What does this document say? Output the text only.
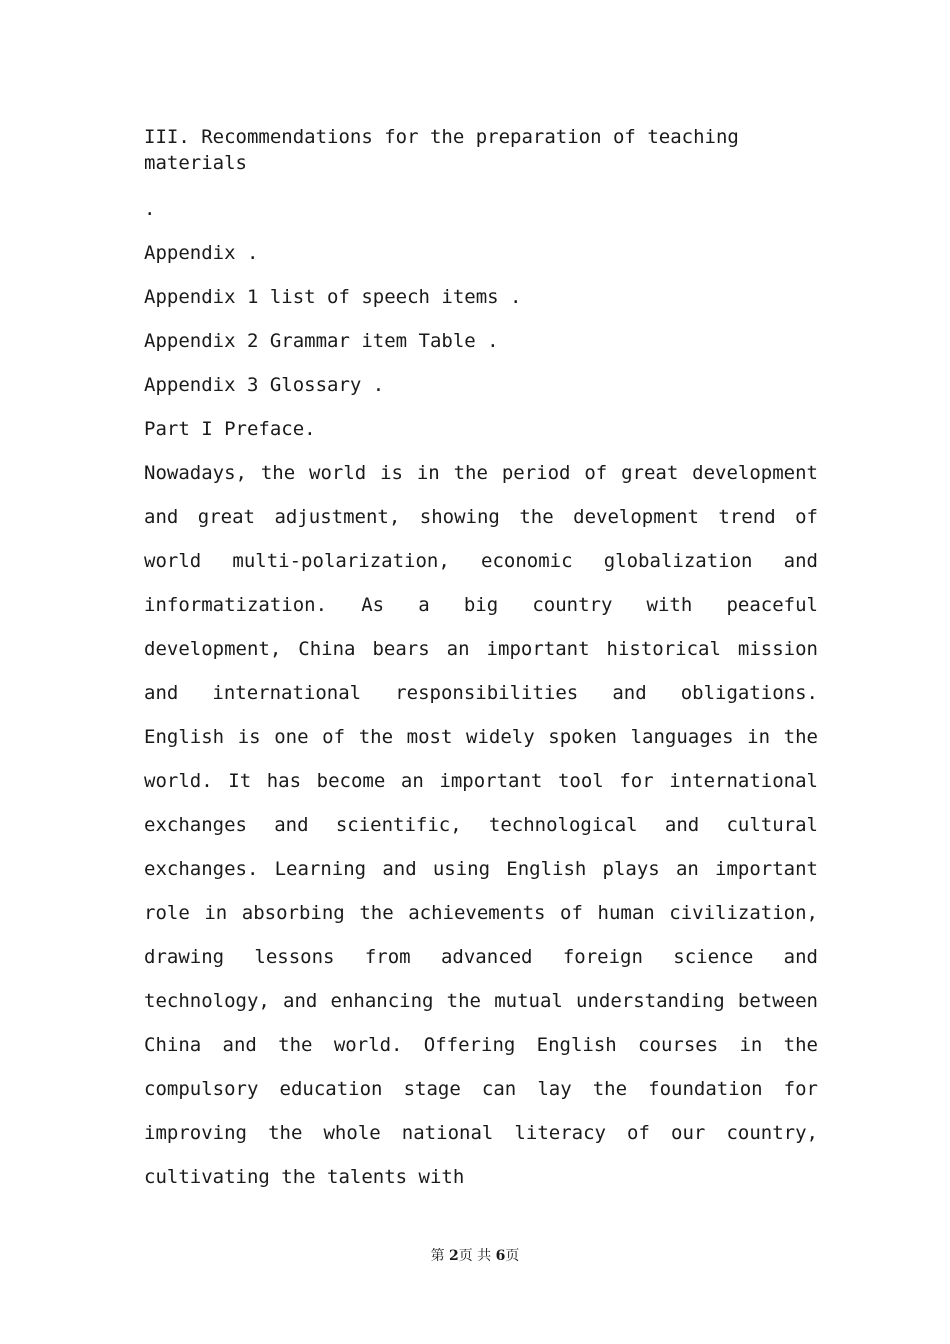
III. Recommendations for the preparation of teaching materials
.
Appendix .
Appendix 1 list of speech items .
Appendix 2 Grammar item Table .
Appendix 3 Glossary .
Part I Preface.
Nowadays, the world is in the period of great development and great adjustment, showing the development trend of world multi-polarization, economic globalization and informatization. As a big country with peaceful development, China bears an important historical mission and international responsibilities and obligations. English is one of the most widely spoken languages in the world. It has become an important tool for international exchanges and scientific, technological and cultural exchanges. Learning and using English plays an important role in absorbing the achievements of human civilization, drawing lessons from advanced foreign science and technology, and enhancing the mutual understanding between China and the world. Offering English courses in the compulsory education stage can lay the foundation for improving the whole national literacy of our country, cultivating the talents with
第 2页 共 6页
